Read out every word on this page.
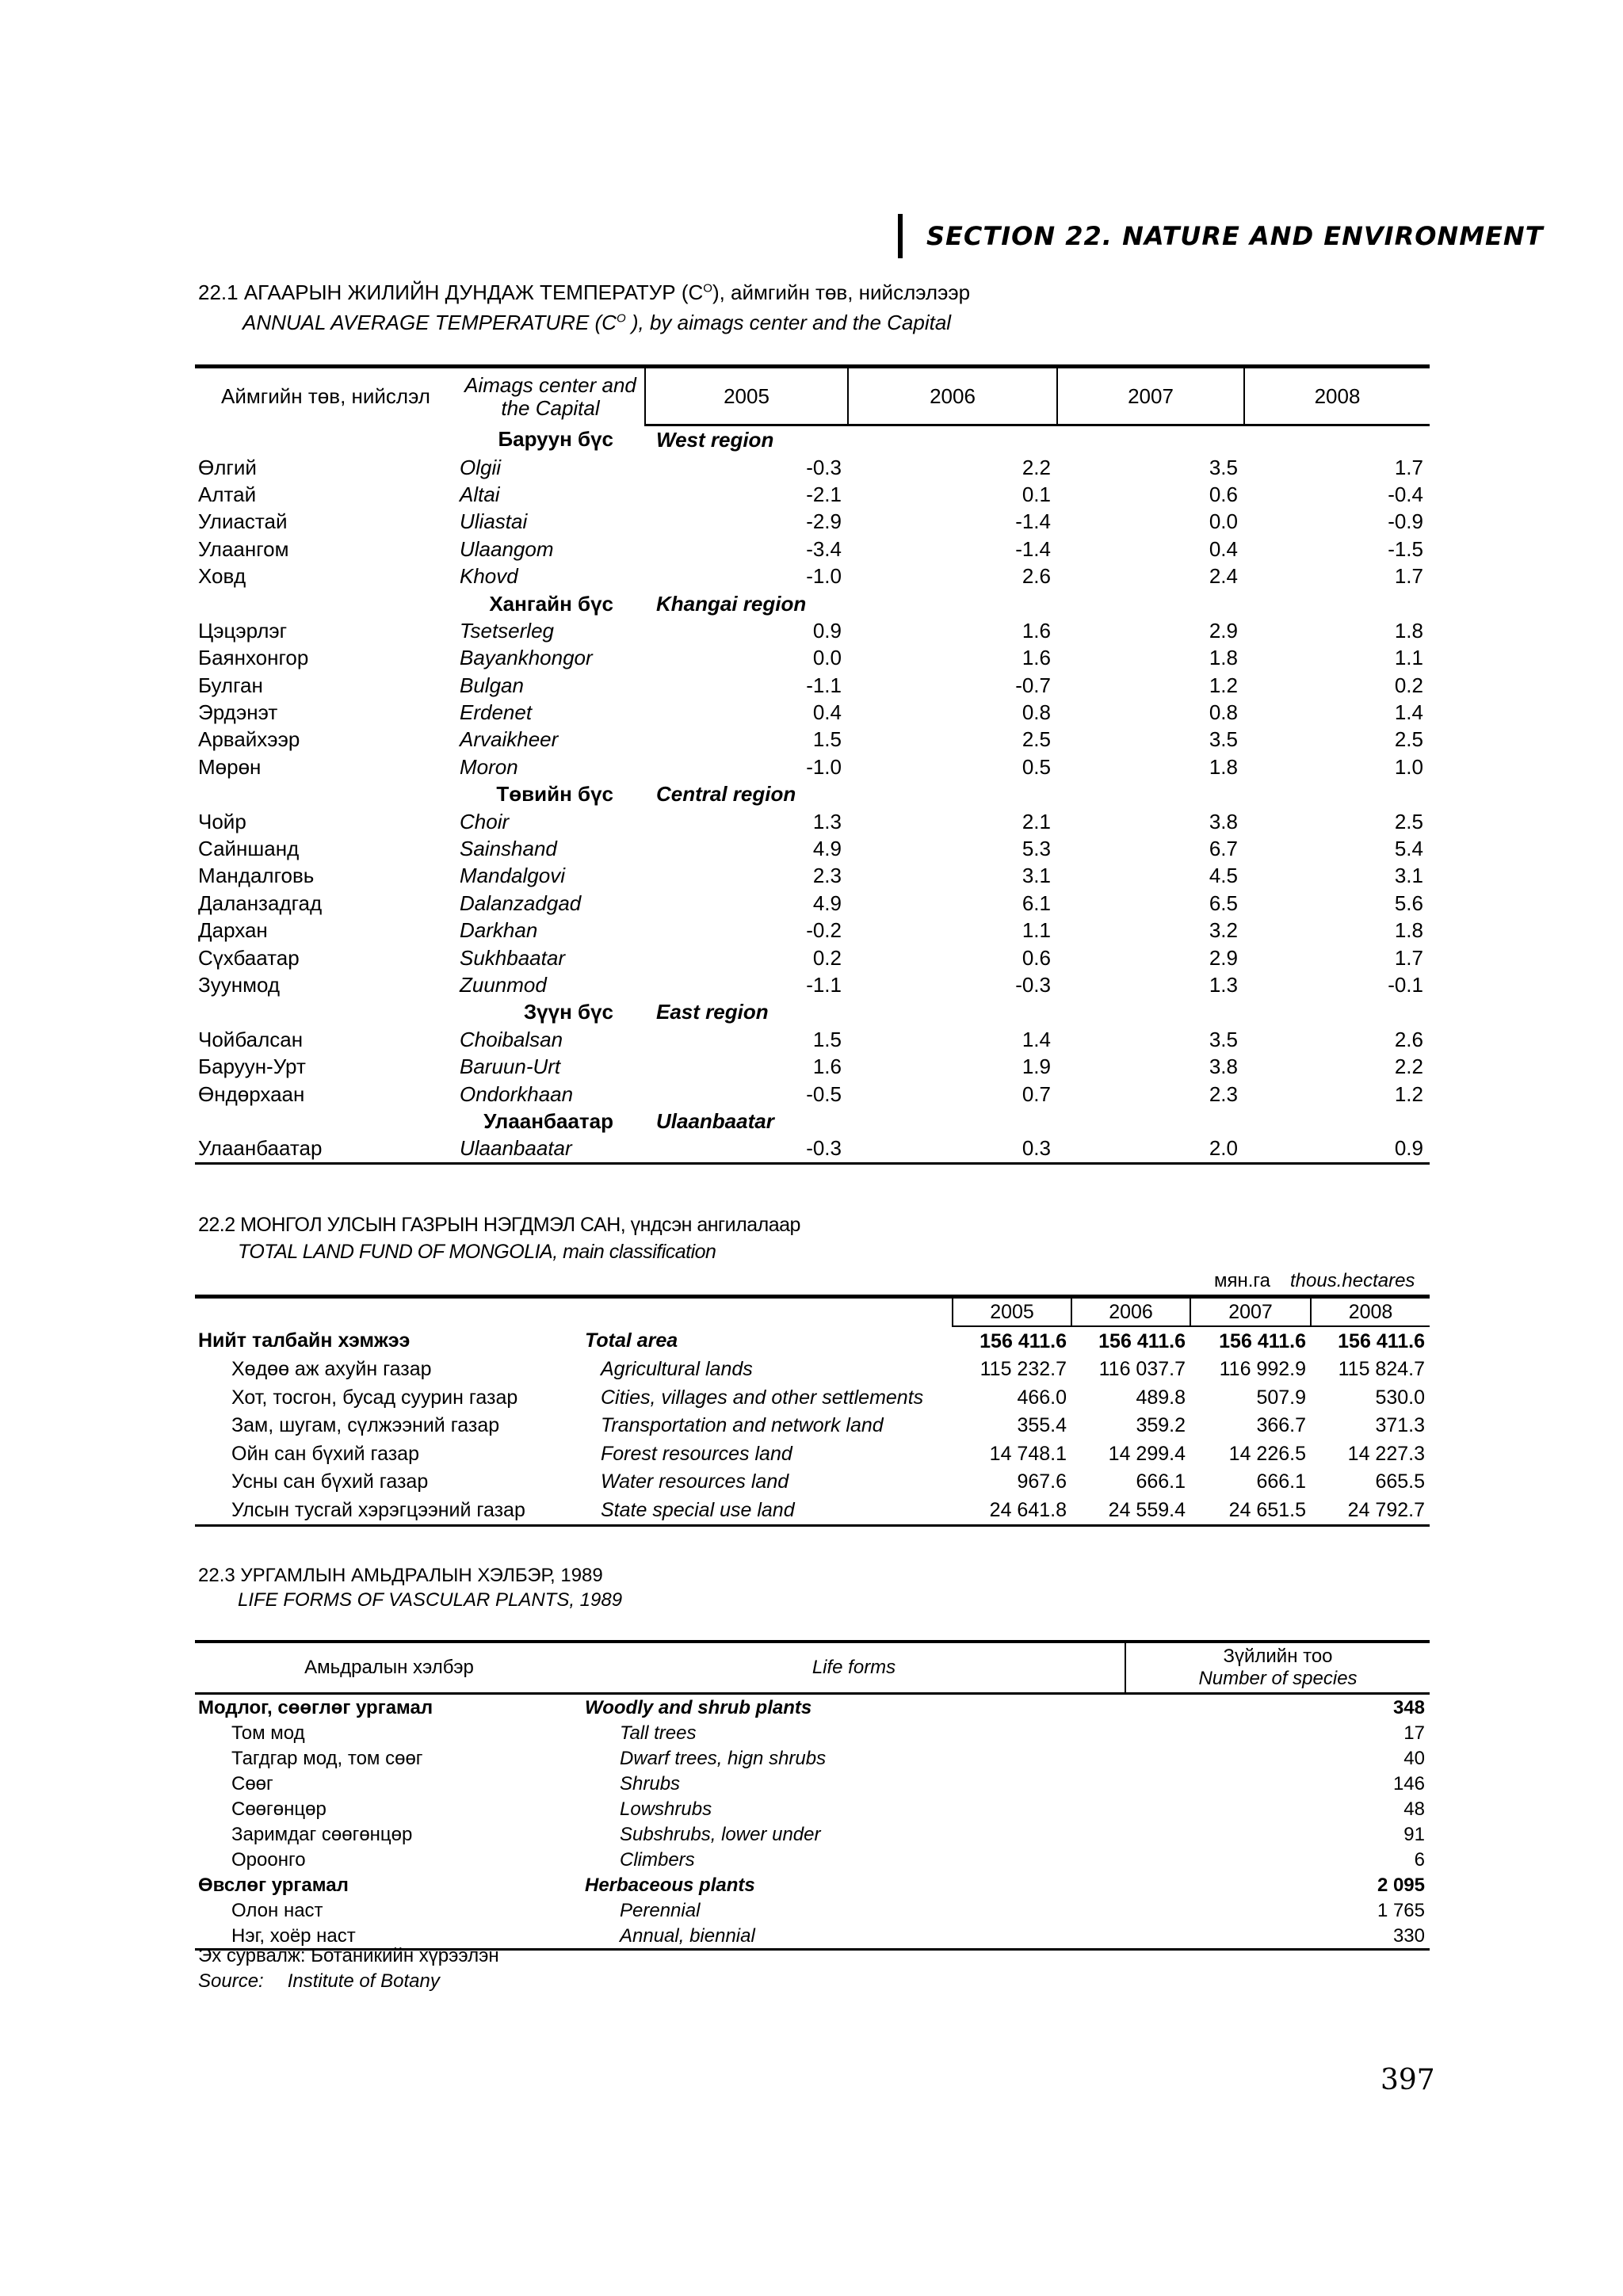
SECTION 22. NATURE AND ENVIRONMENT
22.1 АГААРЫН ЖИЛИЙН ДУНДАЖ ТЕМПЕРАТУР $(C^O)$, аймгийн төв, нийслэлээр
ANNUAL AVERAGE TEMPERATURE ($C^O$ ), by aimags center and the Capital
Аймгийн төв, нийслэл	Aimags center and the Capital	2005	2006	2007	2008
	Баруун бүс	West region			
Өлгий	Olgii	-0.3	2.2	3.5	1.7
Алтай	Altai	-2.1	0.1	0.6	-0.4
Улиастай	Uliastai	-2.9	-1.4	0.0	-0.9
Улаангом	Ulaangom	-3.4	-1.4	0.4	-1.5
Ховд	Khovd	-1.0	2.6	2.4	1.7
	Хангайн бүс	Khangai region			
Цэцэрлэг	Tsetserleg	0.9	1.6	2.9	1.8
Баянхонгор	Bayankhongor	0.0	1.6	1.8	1.1
Булган	Bulgan	-1.1	-0.7	1.2	0.2
Эрдэнэт	Erdenet	0.4	0.8	0.8	1.4
Арвайхээр	Arvaikheer	1.5	2.5	3.5	2.5
Мөрөн	Moron	-1.0	0.5	1.8	1.0
	Төвийн бүс	Central region			
Чойр	Choir	1.3	2.1	3.8	2.5
Сайншанд	Sainshand	4.9	5.3	6.7	5.4
Мандалговь	Mandalgovi	2.3	3.1	4.5	3.1
Даланзадгад	Dalanzadgad	4.9	6.1	6.5	5.6
Дархан	Darkhan	-0.2	1.1	3.2	1.8
Сүхбаатар	Sukhbaatar	0.2	0.6	2.9	1.7
Зуунмод	Zuunmod	-1.1	-0.3	1.3	-0.1
	Зүүн бүс	East region			
Чойбалсан	Choibalsan	1.5	1.4	3.5	2.6
Баруун-Урт	Baruun-Urt	1.6	1.9	3.8	2.2
Өндөрхаан	Ondorkhaan	-0.5	0.7	2.3	1.2
	Улаанбаатар	Ulaanbaatar			
Улаанбаатар	Ulaanbaatar	-0.3	0.3	2.0	0.9
22.2 МОНГОЛ УЛСЫН ГАЗРЫН НЭГДМЭЛ САН, үндсэн ангилалаар
TOTAL LAND FUND OF MONGOLIA, main classification
мян.га thous.hectares
		2005	2006	2007	2008
Нийт талбайн хэмжээ	Total area	156 411.6	156 411.6	156 411.6	156 411.6
Хөдөө аж ахуйн газар	Agricultural lands	115 232.7	116 037.7	116 992.9	115 824.7
Хот, тосгон, бусад суурин газар	Cities, villages and other settlements	466.0	489.8	507.9	530.0
Зам, шугам, сүлжээний газар	Transportation and network land	355.4	359.2	366.7	371.3
Ойн сан бүхий газар	Forest resources land	14 748.1	14 299.4	14 226.5	14 227.3
Усны сан бүхий газар	Water resources land	967.6	666.1	666.1	665.5
Улсын тусгай хэрэгцээний газар	State special use land	24 641.8	24 559.4	24 651.5	24 792.7
22.3 УРГАМЛЫН АМЬДРАЛЫН ХЭЛБЭР, 1989
LIFE FORMS OF VASCULAR PLANTS, 1989
Амьдралын хэлбэр	Life forms	Зүйлийн тоо
Number of species

Модлог, сөөглөг ургамал	Woodly and shrub plants	348
Том мод	Tall trees	17
Тагдгар мод, том сөөг	Dwarf trees, hign shrubs	40
Сөөг	Shrubs	146
Сөөгөнцөр	Lowshrubs	48
Заримдаг сөөгөнцөр	Subshrubs, lower under	91
Ороонго	Climbers	6
Өвслөг ургамал	Herbaceous plants	2 095
Олон наст	Perennial	1 765
Нэг, хоёр наст	Annual, biennial	330
Эх сурвалж: Ботаникийн хүрээлэн
Source: Institute of Botany
397
